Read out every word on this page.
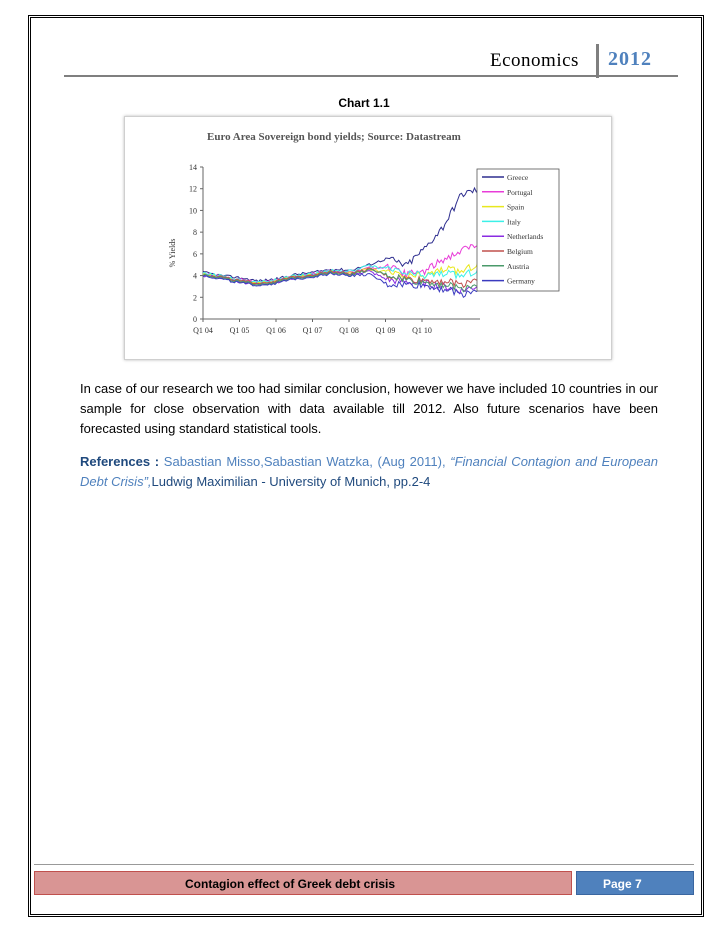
Economics 2012
Chart 1.1
Euro Area Sovereign bond yields; Source: Datastream
% Yields
0
2
4
6
8
10
12
14
Q1 04 Q1 05 Q1 06 Q1 07 Q1 08 Q1 09 Q1 10
Greece
Portugal
Spain
Italy
Netherlands
Belgium
Austria
Germany
In case of our research we too had similar conclusion, however we have included 10 countries in our sample for close observation with data available till 2012. Also future scenarios have been forecasted using standard statistical tools.
References : Sabastian Misso,Sabastian Watzka, (Aug 2011), “Financial Contagion and European Debt Crisis”,Ludwig Maximilian - University of Munich, pp.2-4
Contagion effect of Greek debt crisis	Page 7
